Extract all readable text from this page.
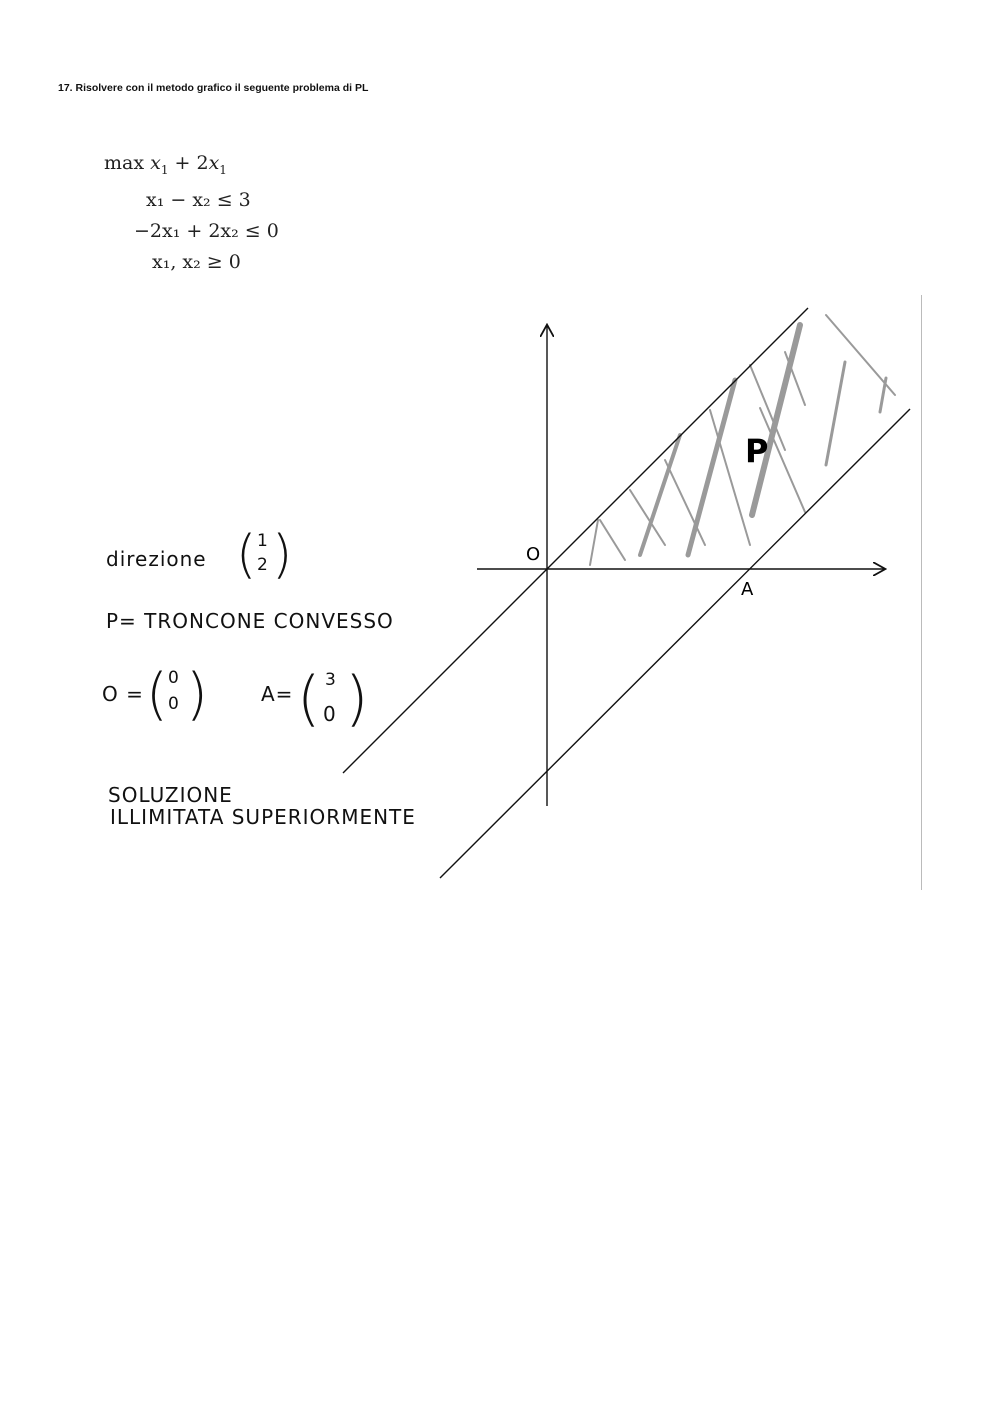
17. Risolvere con il metodo grafico il seguente problema di PL
$\max x_1 + 2x_1$
x₁ − x₂ ≤ 3
−2x₁ + 2x₂ ≤ 0
x₁, x₂ ≥ 0
O
A
P
direzione ( 1
2 )
P= TRONCONE CONVESSO
O = ( 0
0 )	A= ( 3
0 )
SOLUZIONE
ILLIMITATA SUPERIORMENTE
